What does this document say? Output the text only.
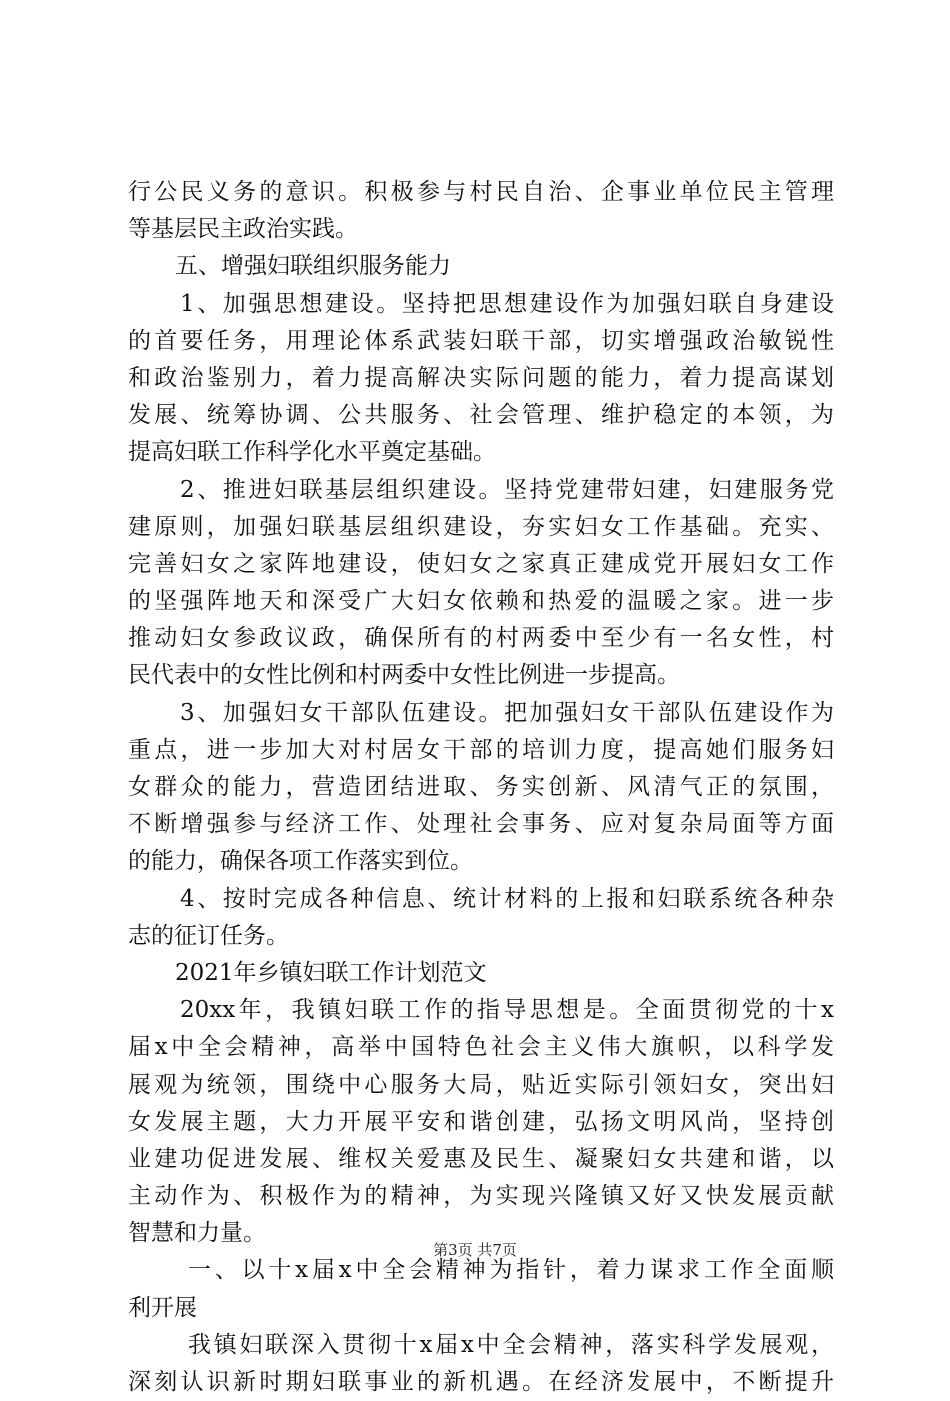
行公民义务的意识。积极参与村民自治、企事业单位民主管理
等基层民主政治实践。
五、增强妇联组织服务能力
1、加强思想建设。坚持把思想建设作为加强妇联自身建设
的首要任务，用理论体系武装妇联干部，切实增强政治敏锐性
和政治鉴别力，着力提高解决实际问题的能力，着力提高谋划
发展、统筹协调、公共服务、社会管理、维护稳定的本领，为
提高妇联工作科学化水平奠定基础。
2、推进妇联基层组织建设。坚持党建带妇建，妇建服务党
建原则，加强妇联基层组织建设，夯实妇女工作基础。充实、
完善妇女之家阵地建设，使妇女之家真正建成党开展妇女工作
的坚强阵地天和深受广大妇女依赖和热爱的温暖之家。进一步
推动妇女参政议政，确保所有的村两委中至少有一名女性，村
民代表中的女性比例和村两委中女性比例进一步提高。
3、加强妇女干部队伍建设。把加强妇女干部队伍建设作为
重点，进一步加大对村居女干部的培训力度，提高她们服务妇
女群众的能力，营造团结进取、务实创新、风清气正的氛围，
不断增强参与经济工作、处理社会事务、应对复杂局面等方面
的能力，确保各项工作落实到位。
4、按时完成各种信息、统计材料的上报和妇联系统各种杂
志的征订任务。
2021年乡镇妇联工作计划范文
20xx年，我镇妇联工作的指导思想是。全面贯彻党的十x
届x中全会精神，高举中国特色社会主义伟大旗帜，以科学发
展观为统领，围绕中心服务大局，贴近实际引领妇女，突出妇
女发展主题，大力开展平安和谐创建，弘扬文明风尚，坚持创
业建功促进发展、维权关爱惠及民生、凝聚妇女共建和谐，以
主动作为、积极作为的精神，为实现兴隆镇又好又快发展贡献
智慧和力量。
一、以十x届x中全会精神为指针，着力谋求工作全面顺
利开展
我镇妇联深入贯彻十x届x中全会精神，落实科学发展观，
深刻认识新时期妇联事业的新机遇。在经济发展中，不断提升
第3页 共7页
